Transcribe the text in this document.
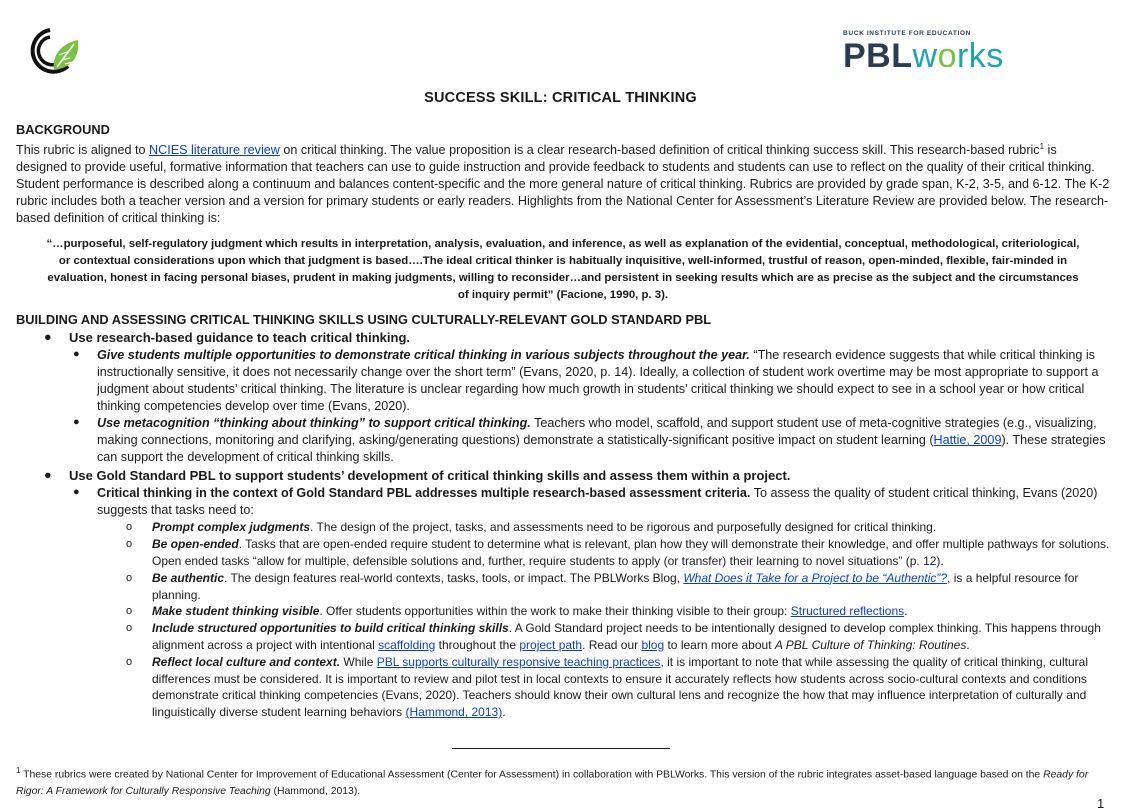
BUCK INSTITUTE FOR EDUCATION
PBLworks
SUCCESS SKILL: CRITICAL THINKING
BACKGROUND

This rubric is aligned to NCIES literature review on critical thinking. The value proposition is a clear research-based definition of critical thinking success skill. This research-based rubric$^1$ is designed to provide useful, formative information that teachers can use to guide instruction and provide feedback to students and students can use to reflect on the quality of their critical thinking. Student performance is described along a continuum and balances content-specific and the more general nature of critical thinking. Rubrics are provided by grade span, K-2, 3-5, and 6-12. The K-2 rubric includes both a teacher version and a version for primary students or early readers. Highlights from the National Center for Assessment’s Literature Review are provided below. The research-based definition of critical thinking is:

“…purposeful, self-regulatory judgment which results in interpretation, analysis, evaluation, and inference, as well as explanation of the evidential, conceptual, methodological, criteriological, or contextual considerations upon which that judgment is based….The ideal critical thinker is habitually inquisitive, well-informed, trustful of reason, open-minded, flexible, fair-minded in evaluation, honest in facing personal biases, prudent in making judgments, willing to reconsider…and persistent in seeking results which are as precise as the subject and the circumstances of inquiry permit” (Facione, 1990, p. 3).

BUILDING AND ASSESSING CRITICAL THINKING SKILLS USING CULTURALLY-RELEVANT GOLD STANDARD PBL
● Use research-based guidance to teach critical thinking.
● Give students multiple opportunities to demonstrate critical thinking in various subjects throughout the year. “The research evidence suggests that while critical thinking is instructionally sensitive, it does not necessarily change over the short term” (Evans, 2020, p. 14). Ideally, a collection of student work overtime may be most appropriate to support a judgment about students’ critical thinking. The literature is unclear regarding how much growth in students’ critical thinking we should expect to see in a school year or how critical thinking competencies develop over time (Evans, 2020).
● Use metacognition “thinking about thinking” to support critical thinking. Teachers who model, scaffold, and support student use of meta-cognitive strategies (e.g., visualizing, making connections, monitoring and clarifying, asking/generating questions) demonstrate a statistically-significant positive impact on student learning (Hattie, 2009). These strategies can support the development of critical thinking skills.
● Use Gold Standard PBL to support students’ development of critical thinking skills and assess them within a project.
● Critical thinking in the context of Gold Standard PBL addresses multiple research-based assessment criteria. To assess the quality of student critical thinking, Evans (2020) suggests that tasks need to:
o Prompt complex judgments. The design of the project, tasks, and assessments need to be rigorous and purposefully designed for critical thinking.
o Be open-ended. Tasks that are open-ended require student to determine what is relevant, plan how they will demonstrate their knowledge, and offer multiple pathways for solutions. Open ended tasks “allow for multiple, defensible solutions and, further, require students to apply (or transfer) their learning to novel situations” (p. 12).
o Be authentic. The design features real-world contexts, tasks, tools, or impact. The PBLWorks Blog, What Does it Take for a Project to be “Authentic”?, is a helpful resource for planning.
o Make student thinking visible. Offer students opportunities within the work to make their thinking visible to their group: Structured reflections.
o Include structured opportunities to build critical thinking skills. A Gold Standard project needs to be intentionally designed to develop complex thinking. This happens through alignment across a project with intentional scaffolding throughout the project path. Read our blog to learn more about A PBL Culture of Thinking: Routines.
o Reflect local culture and context. While PBL supports culturally responsive teaching practices, it is important to note that while assessing the quality of critical thinking, cultural differences must be considered. It is important to review and pilot test in local contexts to ensure it accurately reflects how students across socio-cultural contexts and conditions demonstrate critical thinking competencies (Evans, 2020). Teachers should know their own cultural lens and recognize the how that may influence interpretation of culturally and linguistically diverse student learning behaviors (Hammond, 2013).
$^1$ These rubrics were created by National Center for Improvement of Educational Assessment (Center for Assessment) in collaboration with PBLWorks. This version of the rubric integrates asset-based language based on the Ready for Rigor: A Framework for Culturally Responsive Teaching (Hammond, 2013).
1
